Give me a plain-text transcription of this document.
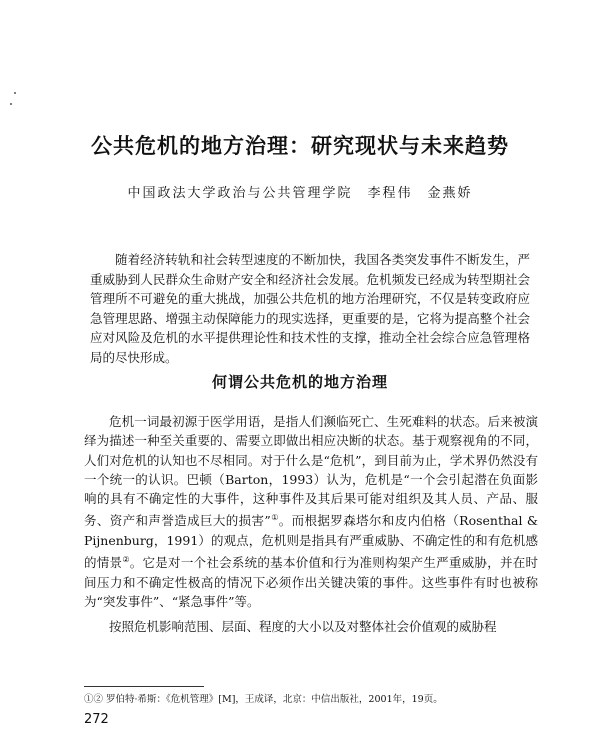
公共危机的地方治理：研究现状与未来趋势
中国政法大学政治与公共管理学院　李程伟　金燕娇

随着经济转轨和社会转型速度的不断加快，我国各类突发事件不断发生，严重威胁到人民群众生命财产安全和经济社会发展。危机频发已经成为转型期社会管理所不可避免的重大挑战，加强公共危机的地方治理研究，不仅是转变政府应急管理思路、增强主动保障能力的现实选择，更重要的是，它将为提高整个社会应对风险及危机的水平提供理论性和技术性的支撑，推动全社会综合应急管理格局的尽快形成。

何谓公共危机的地方治理

危机一词最初源于医学用语，是指人们濒临死亡、生死难料的状态。后来被演绎为描述一种至关重要的、需要立即做出相应决断的状态。基于观察视角的不同，人们对危机的认知也不尽相同。对于什么是“危机”，到目前为止，学术界仍然没有一个统一的认识。巴顿（Barton，1993）认为，危机是“一个会引起潜在负面影响的具有不确定性的大事件，这种事件及其后果可能对组织及其人员、产品、服务、资产和声誉造成巨大的损害”①。而根据罗森塔尔和皮内伯格（Rosenthal & Pijnenburg，1991）的观点，危机则是指具有严重威胁、不确定性的和有危机感的情景②。它是对一个社会系统的基本价值和行为准则构架产生严重威胁，并在时间压力和不确定性极高的情况下必须作出关键决策的事件。这些事件有时也被称为“突发事件”、“紧急事件”等。

按照危机影响范围、层面、程度的大小以及对整体社会价值观的威胁程

①② 罗伯特·希斯：《危机管理》[M]，王成译，北京：中信出版社，2001年，19页。
272
